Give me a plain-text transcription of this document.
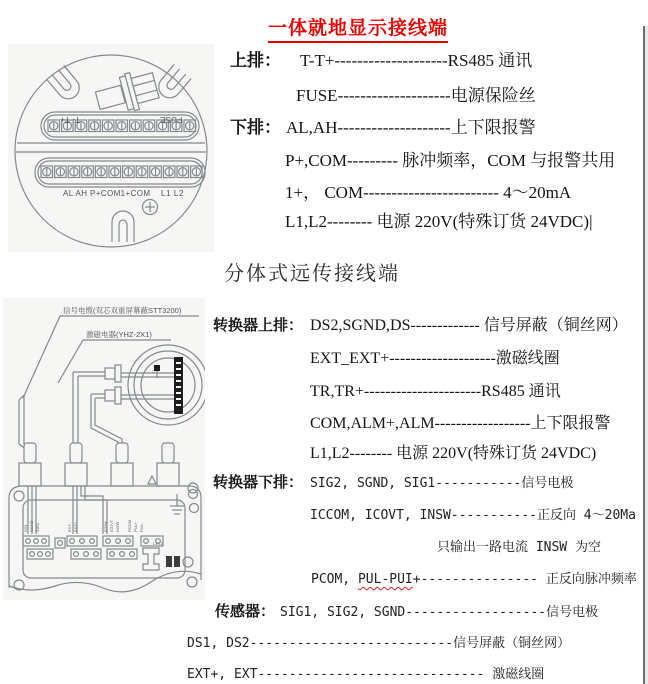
一体就地显示接线端
T- T+	FUSE
AL AH P+COM1+COM L1 L2
上排： T-T+--------------------RS485 通讯
FUSE--------------------电源保险丝
下排： AL,AH--------------------上下限报警
P+,COM--------- 脉冲频率，COM 与报警共用
1+， COM------------------------ 4～20mA
L1,L2-------- 电源 220V(特殊订货 24VDC)|
分体式远传接线端
信号电缆(双芯双重屏幕蔽STT3200)
激磁电器(YHZ-2X1)
DS1 SGND SIG1	EXT- EXT+	ICOM ICOVT INSW PCOM PUL+ PUL-
L1 L2
转换器上排： DS2,SGND,DS------------- 信号屏蔽（铜丝网）
EXT_EXT+--------------------激磁线圈
TR,TR+----------------------RS485 通讯
COM,ALM+,ALM------------------上下限报警
L1,L2-------- 电源 220V(特殊订货 24VDC)
转换器下排： SIG2, SGND, SIG1-----------信号电极
ICCOM, ICOVT, INSW-----------正反向 4～20Ma
只输出一路电流 INSW 为空
PCOM, PUL-PUI+--------------- 正反向脉冲频率
传感器： SIG1, SIG2, SGND------------------信号电极
DS1, DS2--------------------------信号屏蔽（铜丝网）
EXT+, EXT----------------------------- 激磁线圈
